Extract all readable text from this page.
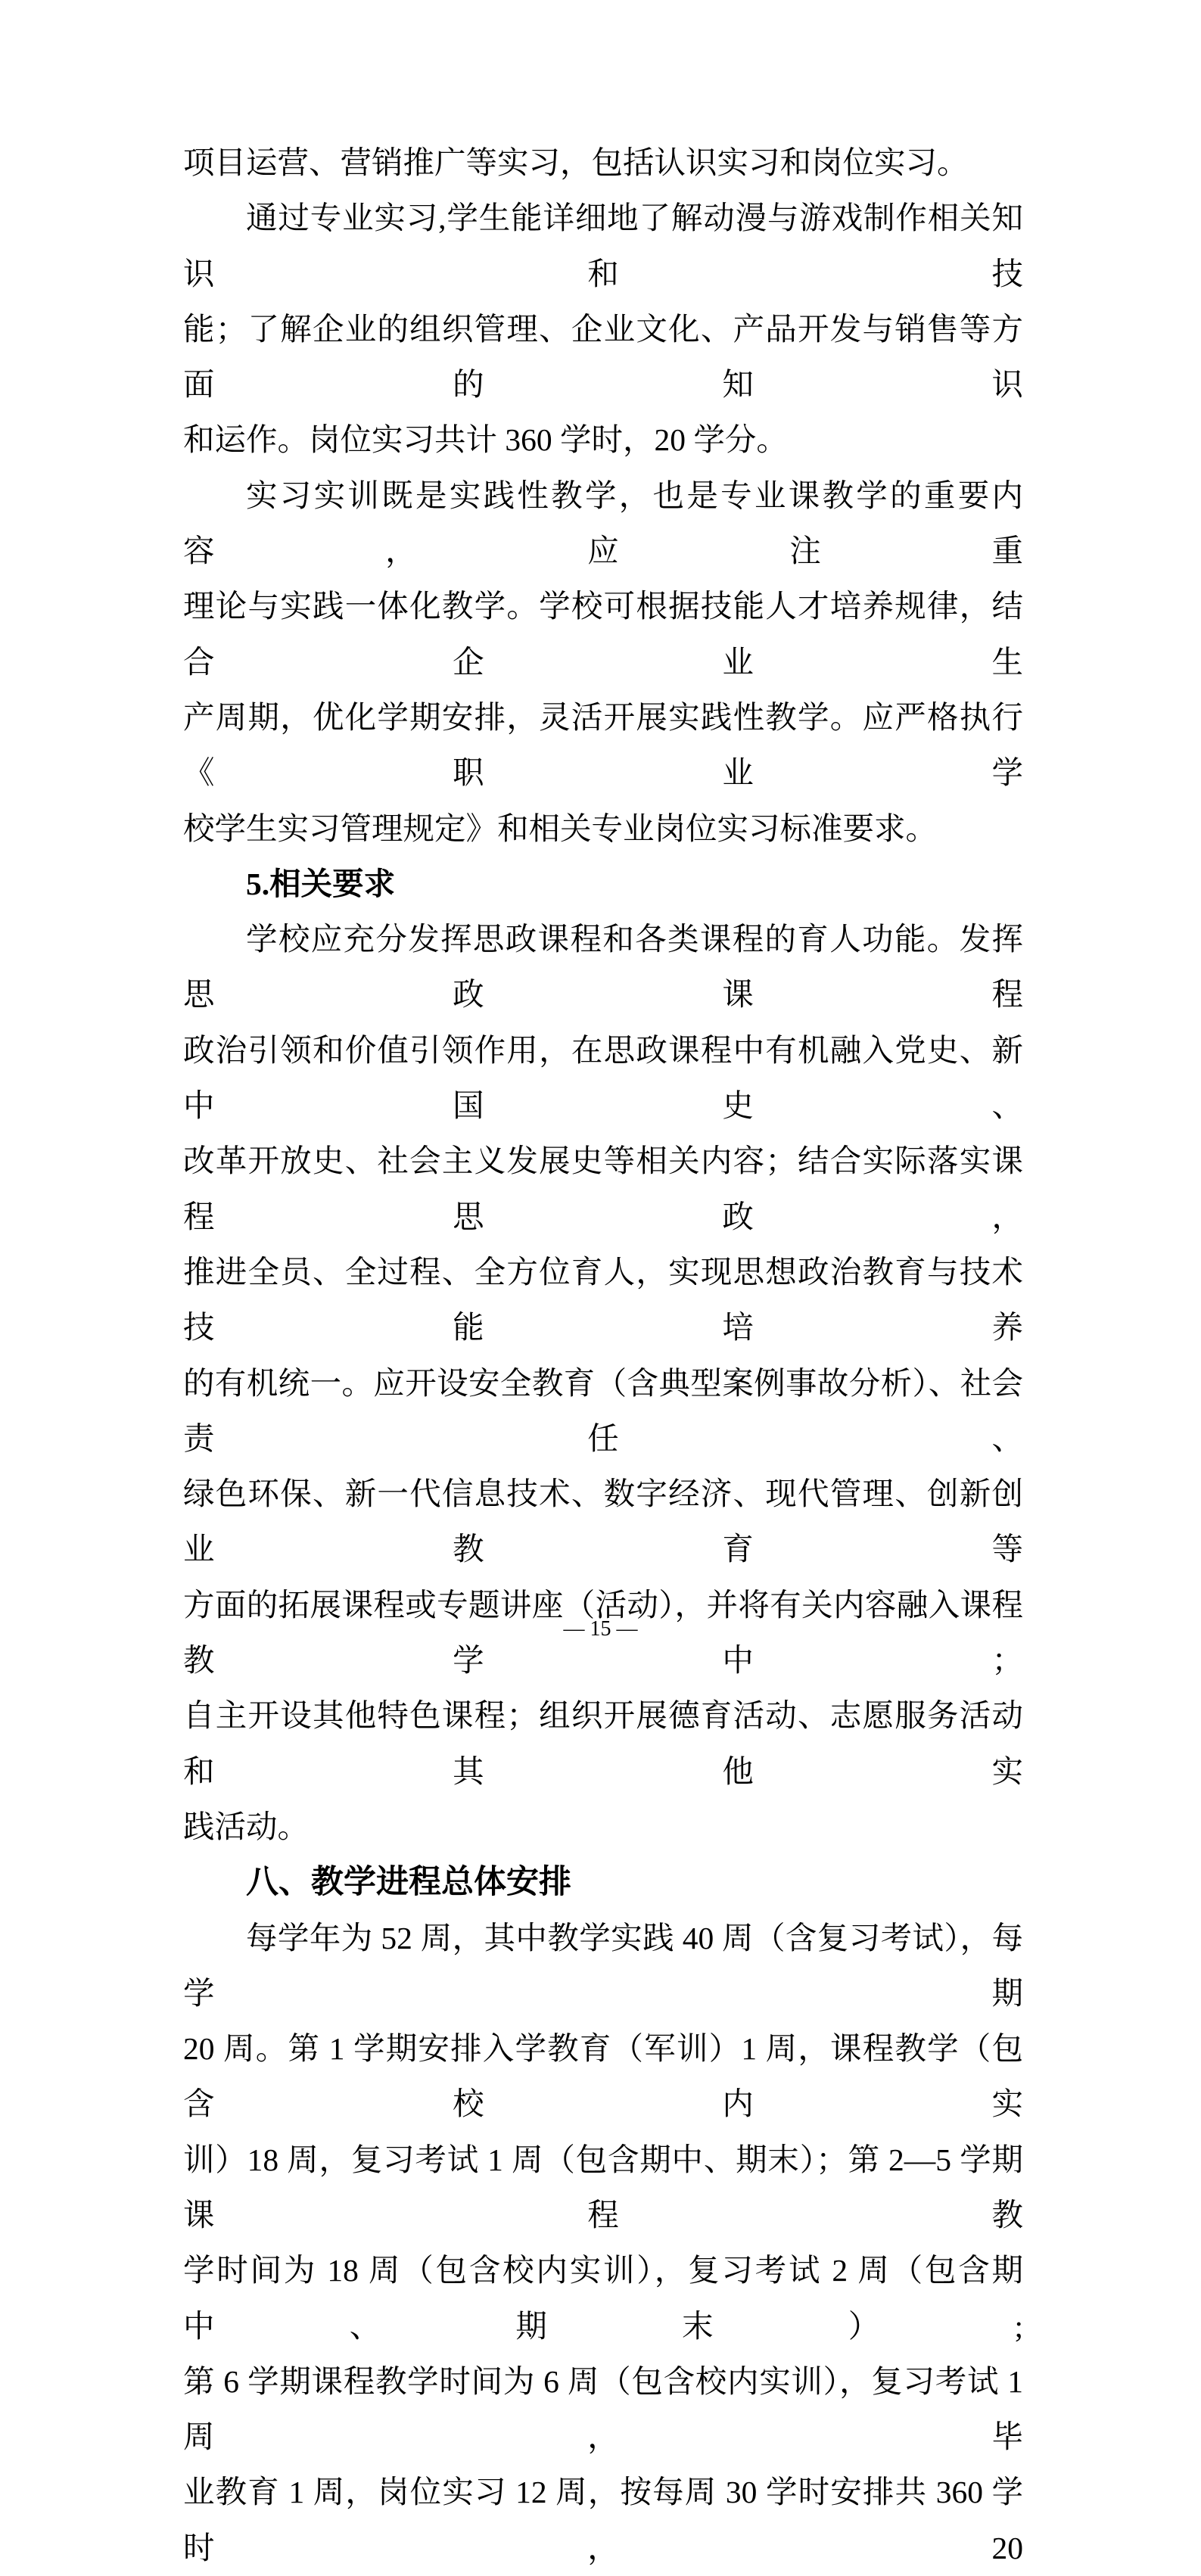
项目运营、营销推广等实习，包括认识实习和岗位实习。
通过专业实习,学生能详细地了解动漫与游戏制作相关知识和技
能；了解企业的组织管理、企业文化、产品开发与销售等方面的知识
和运作。岗位实习共计 360 学时，20 学分。
实习实训既是实践性教学，也是专业课教学的重要内容，应注重
理论与实践一体化教学。学校可根据技能人才培养规律，结合企业生
产周期，优化学期安排，灵活开展实践性教学。应严格执行《职业学
校学生实习管理规定》和相关专业岗位实习标准要求。
5.相关要求
学校应充分发挥思政课程和各类课程的育人功能。发挥思政课程
政治引领和价值引领作用，在思政课程中有机融入党史、新中国史、
改革开放史、社会主义发展史等相关内容；结合实际落实课程思政，
推进全员、全过程、全方位育人，实现思想政治教育与技术技能培养
的有机统一。应开设安全教育（含典型案例事故分析）、社会责任、
绿色环保、新一代信息技术、数字经济、现代管理、创新创业教育等
方面的拓展课程或专题讲座（活动），并将有关内容融入课程教学中；
自主开设其他特色课程；组织开展德育活动、志愿服务活动和其他实
践活动。
八、教学进程总体安排
每学年为 52 周，其中教学实践 40 周（含复习考试），每学期
20 周。第 1 学期安排入学教育（军训）1 周，课程教学（包含校内实
训）18 周，复习考试 1 周（包含期中、期末）；第 2—5 学期课程教
学时间为 18 周（包含校内实训），复习考试 2 周（包含期中、期末）;
第 6 学期课程教学时间为 6 周（包含校内实训），复习考试 1 周，毕
业教育 1 周，岗位实习 12 周，按每周 30 学时安排共 360 学时，20
— 15 —
